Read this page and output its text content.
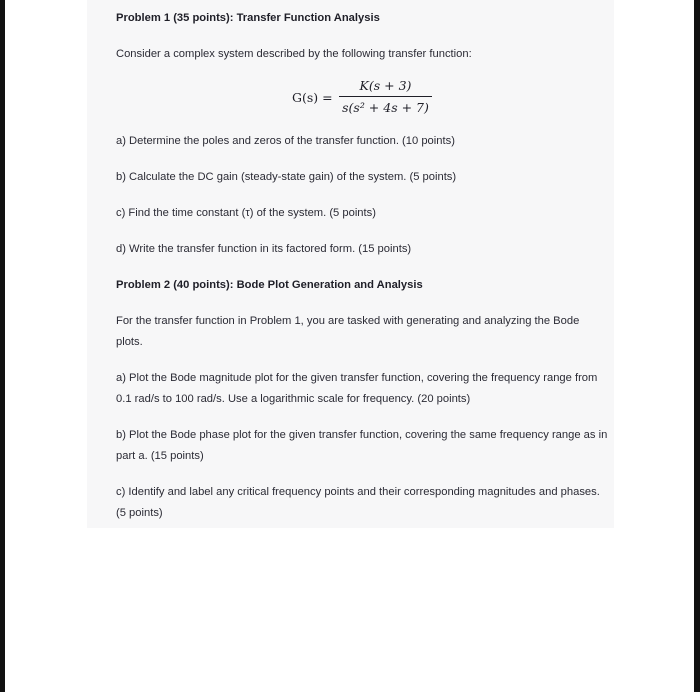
Problem 1 (35 points): Transfer Function Analysis
Consider a complex system described by the following transfer function:
G(s) =
K(s + 3)
s(s² + 4s + 7)
a) Determine the poles and zeros of the transfer function. (10 points)
b) Calculate the DC gain (steady-state gain) of the system. (5 points)
c) Find the time constant (τ) of the system. (5 points)
d) Write the transfer function in its factored form. (15 points)
Problem 2 (40 points): Bode Plot Generation and Analysis
For the transfer function in Problem 1, you are tasked with generating and analyzing the Bode plots.
a) Plot the Bode magnitude plot for the given transfer function, covering the frequency range from 0.1 rad/s to 100 rad/s. Use a logarithmic scale for frequency. (20 points)
b) Plot the Bode phase plot for the given transfer function, covering the same frequency range as in part a. (15 points)
c) Identify and label any critical frequency points and their corresponding magnitudes and phases. (5 points)
